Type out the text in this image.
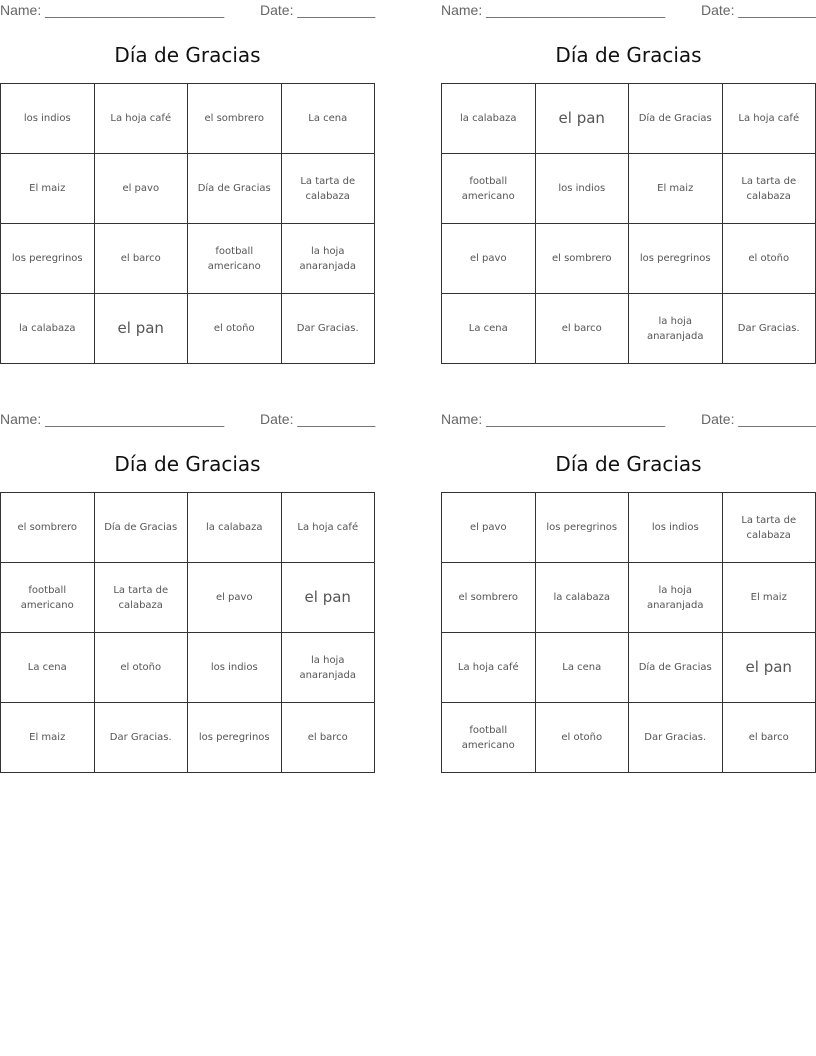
Name: _______________________	Date: __________
Día de Gracias
los indios	La hoja café	el sombrero	La cena
El maiz	el pavo	Día de Gracias	La tarta de calabaza
los peregrinos	el barco	football americano	la hoja anaranjada
la calabaza	el pan	el otoño	Dar Gracias.
Name: _______________________	Date: __________
Día de Gracias
la calabaza	el pan	Día de Gracias	La hoja café
football americano	los indios	El maiz	La tarta de calabaza
el pavo	el sombrero	los peregrinos	el otoño
La cena	el barco	la hoja anaranjada	Dar Gracias.
Name: _______________________	Date: __________
Día de Gracias
el sombrero	Día de Gracias	la calabaza	La hoja café
football americano	La tarta de calabaza	el pavo	el pan
La cena	el otoño	los indios	la hoja anaranjada
El maiz	Dar Gracias.	los peregrinos	el barco
Name: _______________________	Date: __________
Día de Gracias
el pavo	los peregrinos	los indios	La tarta de calabaza
el sombrero	la calabaza	la hoja anaranjada	El maiz
La hoja café	La cena	Día de Gracias	el pan
football americano	el otoño	Dar Gracias.	el barco
